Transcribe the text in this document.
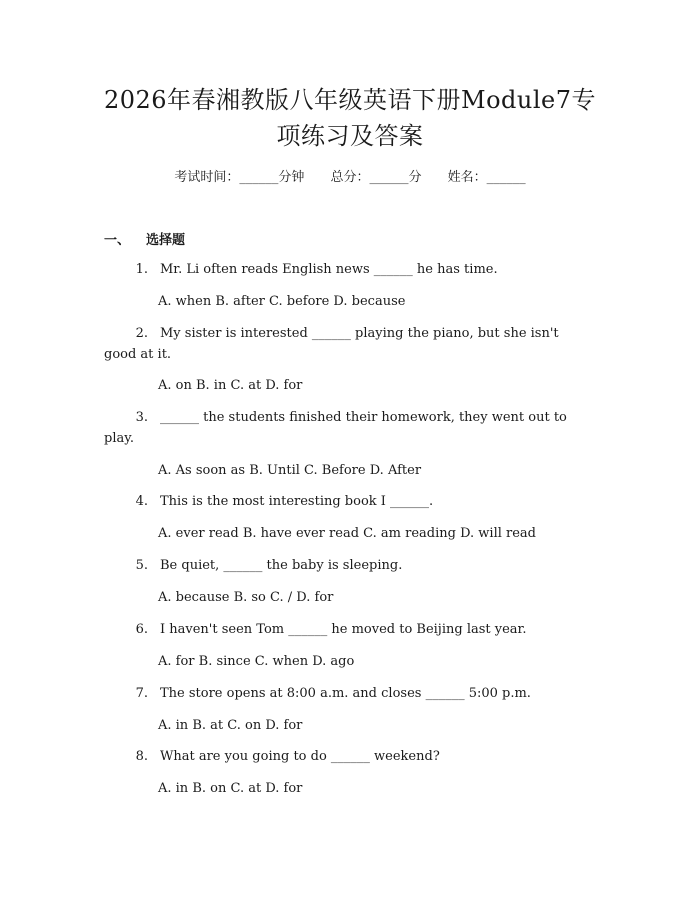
2026年春湘教版八年级英语下册Module7专
项练习及答案
考试时间：______分钟 总分：______分 姓名：______
一、 选择题
1. Mr. Li often reads English news ______ he has time.
A. when B. after C. before D. because
2. My sister is interested ______ playing the piano, but she isn't good at it.
A. on B. in C. at D. for
3. ______ the students finished their homework, they went out to play.
A. As soon as B. Until C. Before D. After
4. This is the most interesting book I ______.
A. ever read B. have ever read C. am reading D. will read
5. Be quiet, ______ the baby is sleeping.
A. because B. so C. / D. for
6. I haven't seen Tom ______ he moved to Beijing last year.
A. for B. since C. when D. ago
7. The store opens at 8:00 a.m. and closes ______ 5:00 p.m.
A. in B. at C. on D. for
8. What are you going to do ______ weekend?
A. in B. on C. at D. for
